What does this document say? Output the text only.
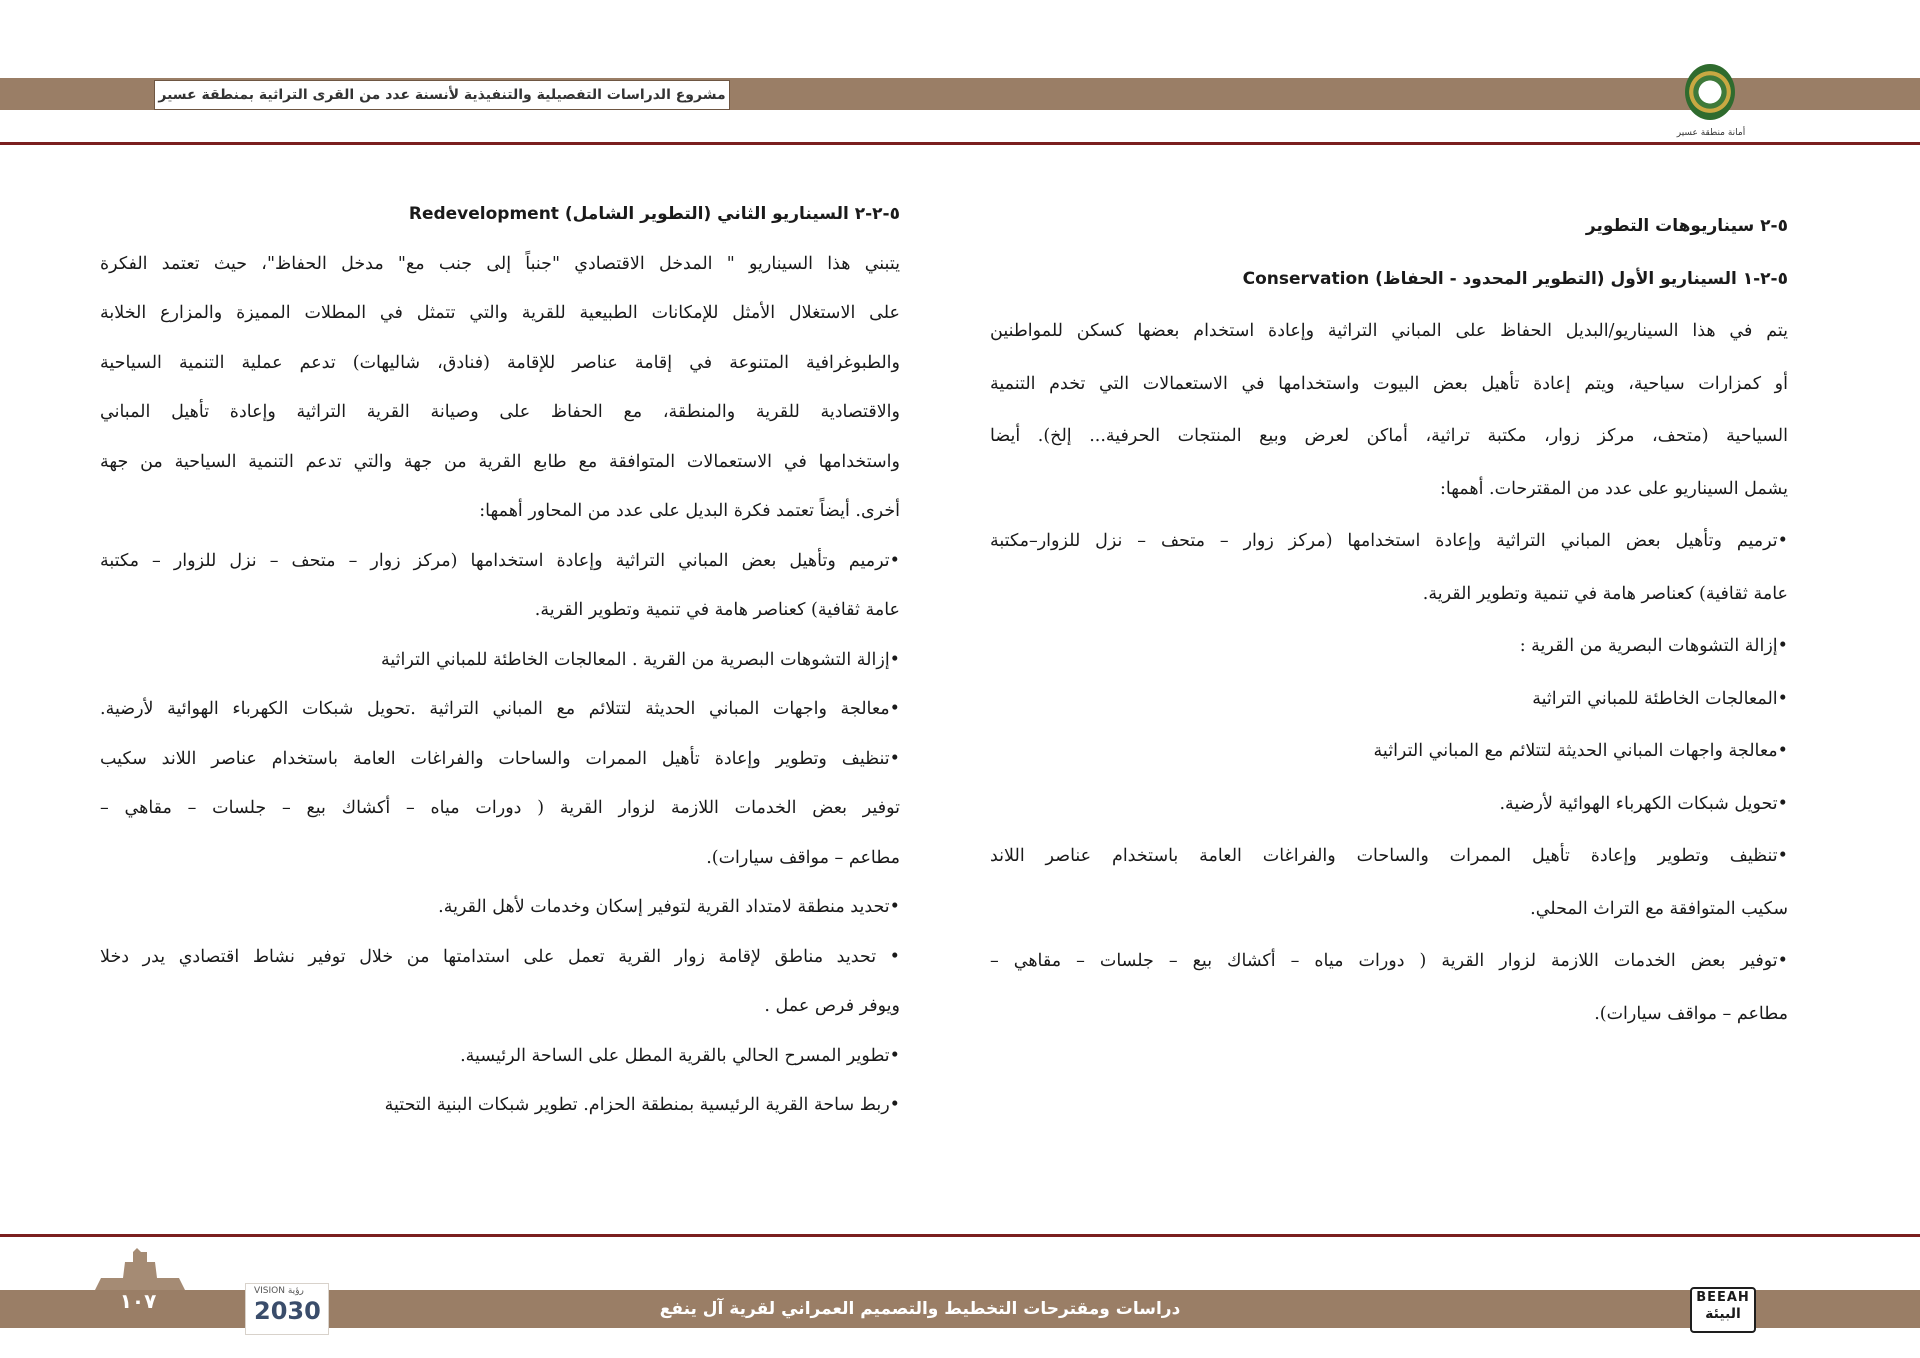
مشروع الدراسات التفصيلية والتنفيذية لأنسنة عدد من القرى التراثية بمنطقة عسير
أمانة منطقة عسير
٥-٢ سيناريوهات التطوير
٥-٢-١ السيناريو الأول (التطوير المحدود - الحفاظ) Conservation
يتم في هذا السيناريو/البديل الحفاظ على المباني التراثية وإعادة استخدام بعضها كسكن للمواطنين
أو كمزارات سياحية، ويتم إعادة تأهيل بعض البيوت واستخدامها في الاستعمالات التي تخدم التنمية
السياحية (متحف، مركز زوار، مكتبة تراثية، أماكن لعرض وبيع المنتجات الحرفية... إلخ). أيضا
يشمل السيناريو على عدد من المقترحات. أهمها:
•ترميم وتأهيل بعض المباني التراثية وإعادة استخدامها (مركز زوار – متحف – نزل للزوار–مكتبة
عامة ثقافية) كعناصر هامة في تنمية وتطوير القرية.
•إزالة التشوهات البصرية من القرية :
•المعالجات الخاطئة للمباني التراثية
•معالجة واجهات المباني الحديثة لتتلائم مع المباني التراثية
•تحويل شبكات الكهرباء الهوائية لأرضية.
•تنظيف وتطوير وإعادة تأهيل الممرات والساحات والفراغات العامة باستخدام عناصر اللاند
سكيب المتوافقة مع التراث المحلي.
•توفير بعض الخدمات اللازمة لزوار القرية ( دورات مياه – أكشاك بيع – جلسات – مقاهي –
مطاعم – مواقف سيارات).
٥-٢-٢ السيناريو الثاني (التطوير الشامل) Redevelopment
يتبني هذا السيناريو " المدخل الاقتصادي "جنباً إلى جنب مع" مدخل الحفاظ"، حيث تعتمد الفكرة
على الاستغلال الأمثل للإمكانات الطبيعية للقرية والتي تتمثل في المطلات المميزة والمزارع الخلابة
والطبوغرافية المتنوعة في إقامة عناصر للإقامة (فنادق، شاليهات) تدعم عملية التنمية السياحية
والاقتصادية للقرية والمنطقة، مع الحفاظ على وصيانة القرية التراثية وإعادة تأهيل المباني
واستخدامها في الاستعمالات المتوافقة مع طابع القرية من جهة والتي تدعم التنمية السياحية من جهة
أخرى. أيضاً تعتمد فكرة البديل على عدد من المحاور أهمها:
•ترميم وتأهيل بعض المباني التراثية وإعادة استخدامها (مركز زوار – متحف – نزل للزوار – مكتبة
عامة ثقافية) كعناصر هامة في تنمية وتطوير القرية.
•إزالة التشوهات البصرية من القرية . المعالجات الخاطئة للمباني التراثية
•معالجة واجهات المباني الحديثة لتتلائم مع المباني التراثية .تحويل شبكات الكهرباء الهوائية لأرضية.
•تنظيف وتطوير وإعادة تأهيل الممرات والساحات والفراغات العامة باستخدام عناصر اللاند سكيب
توفير بعض الخدمات اللازمة لزوار القرية ( دورات مياه – أكشاك بيع – جلسات – مقاهي –
مطاعم – مواقف سيارات).
•تحديد منطقة لامتداد القرية لتوفير إسكان وخدمات لأهل القرية.
• تحديد مناطق لإقامة زوار القرية تعمل على استدامتها من خلال توفير نشاط اقتصادي يدر دخلا
ويوفر فرص عمل .
•تطوير المسرح الحالي بالقرية المطل على الساحة الرئيسية.
•ربط ساحة القرية الرئيسية بمنطقة الحزام. تطوير شبكات البنية التحتية
١٠٧	VISION رؤية
2030	دراسات ومقترحات التخطيط والتصميم العمراني لقرية آل ينفع
BEEAH
البيئة
